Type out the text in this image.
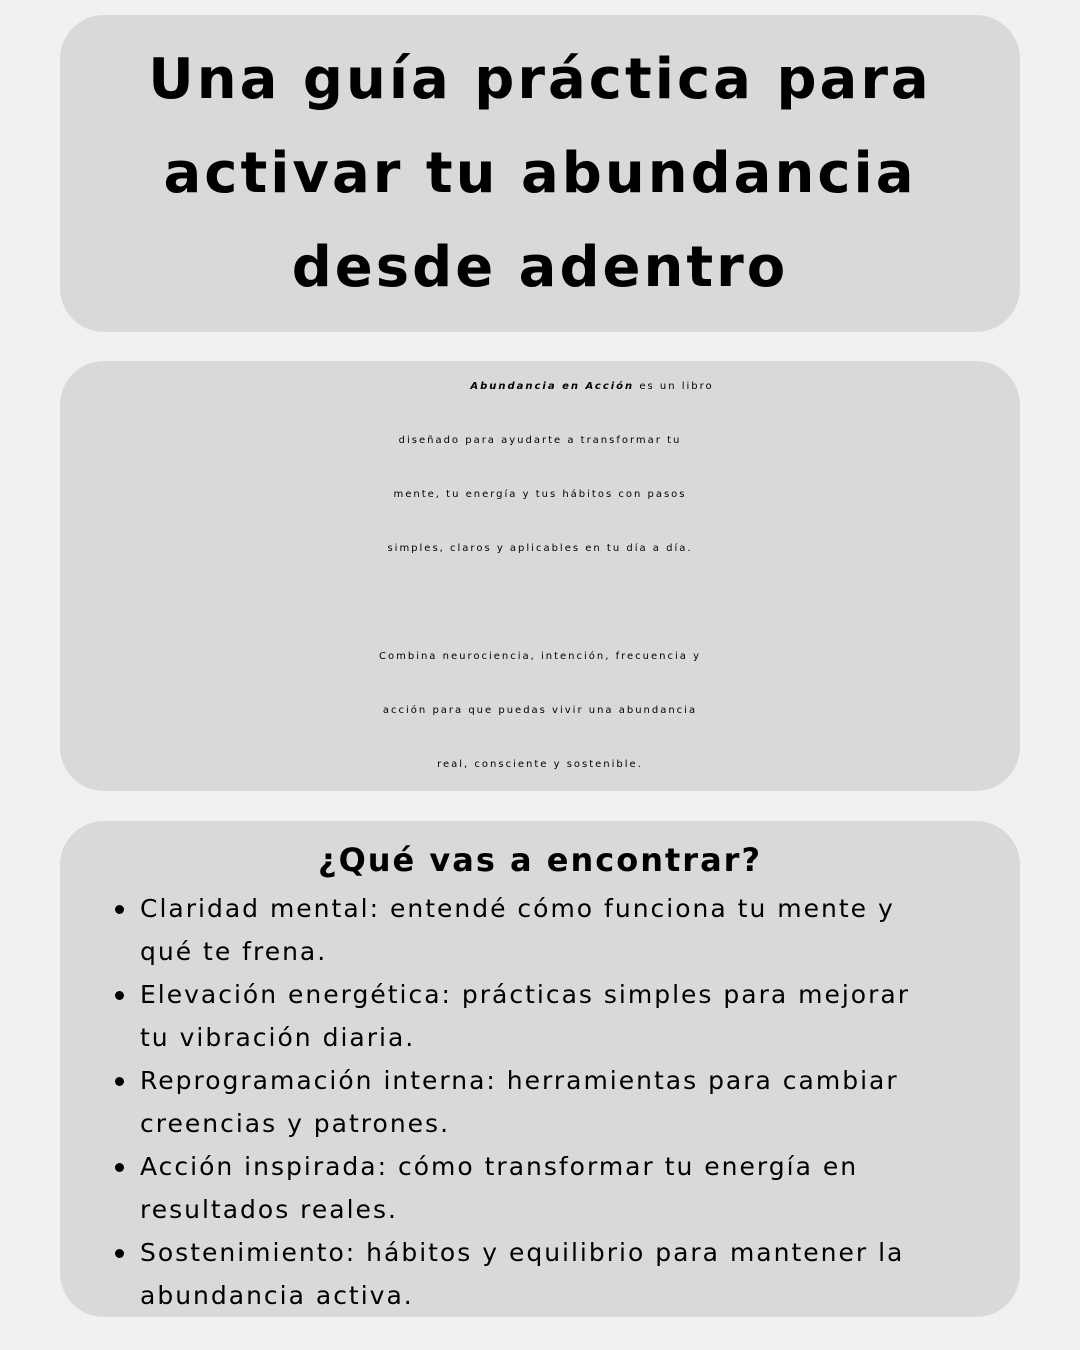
Una guía práctica para
activar tu abundancia
desde adentro
Abundancia en Acción es un libro
diseñado para ayudarte a transformar tu
mente, tu energía y tus hábitos con pasos
simples, claros y aplicables en tu día a día.
Combina neurociencia, intención, frecuencia y
acción para que puedas vivir una abundancia
real, consciente y sostenible.
¿Qué vas a encontrar?
Claridad mental: entendé cómo funciona tu mente y
qué te frena.
Elevación energética: prácticas simples para mejorar
tu vibración diaria.
Reprogramación interna: herramientas para cambiar
creencias y patrones.
Acción inspirada: cómo transformar tu energía en
resultados reales.
Sostenimiento: hábitos y equilibrio para mantener la
abundancia activa.
